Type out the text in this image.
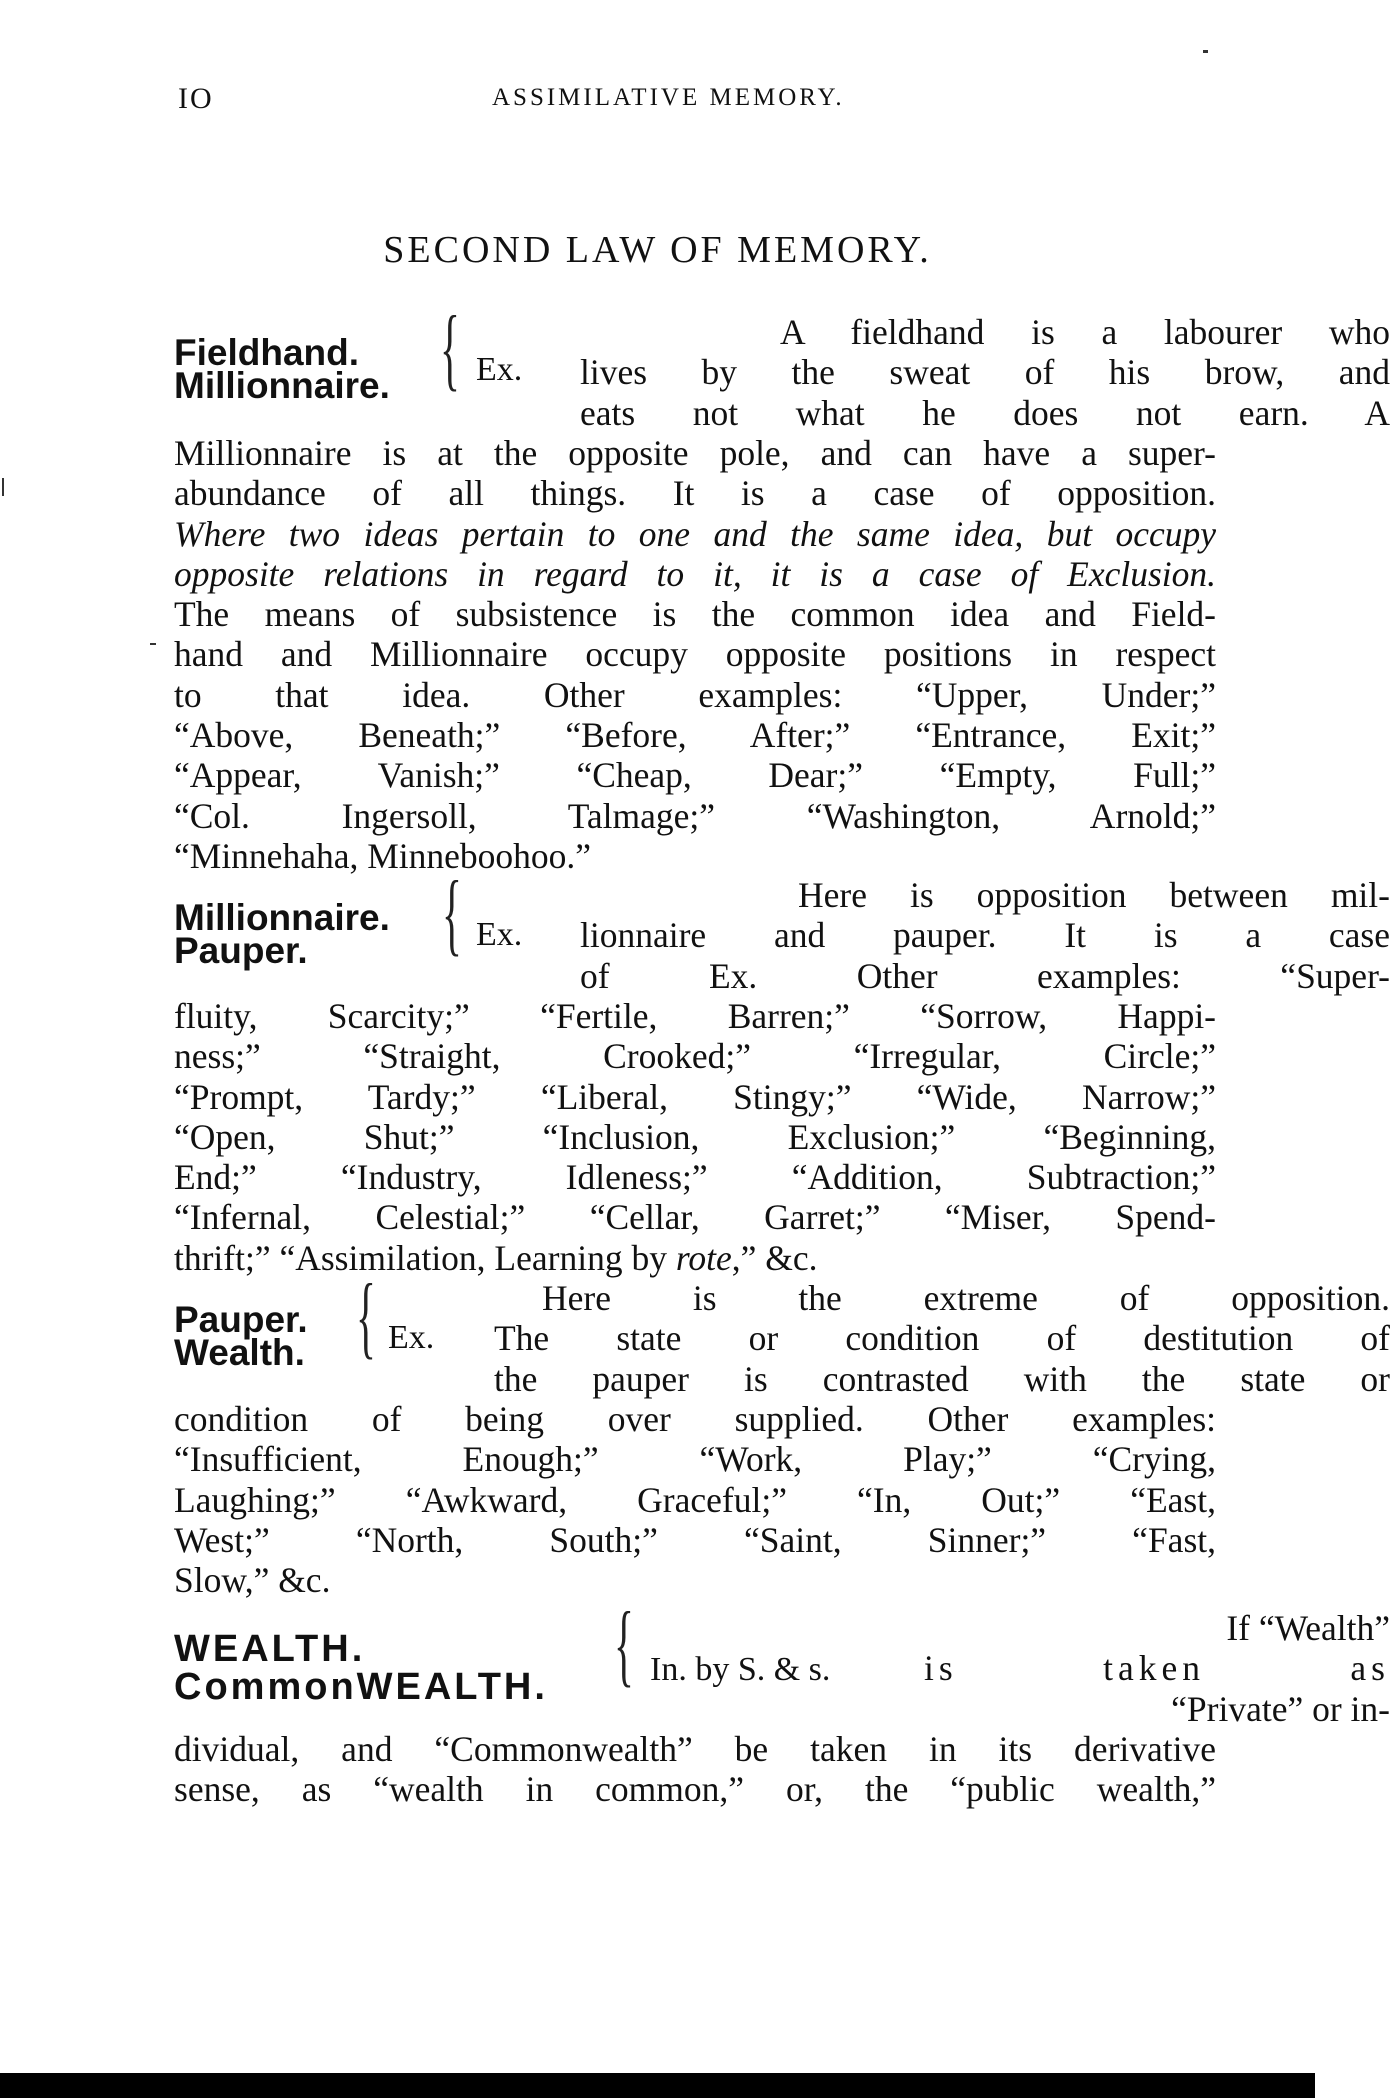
IO	ASSIMILATIVE MEMORY.
SECOND LAW OF MEMORY.
Fieldhand.
Millionnaire. { Ex.
A fieldhand is a labourer who
lives by the sweat of his brow, and
eats not what he does not earn. A
Millionnaire is at the opposite pole, and can have a super-
abundance of all things. It is a case of opposition.
Where two ideas pertain to one and the same idea, but occupy
opposite relations in regard to it, it is a case of Exclusion.
The means of subsistence is the common idea and Field-
hand and Millionnaire occupy opposite positions in respect
to that idea. Other examples: “Upper, Under;”
“Above, Beneath;” “Before, After;” “Entrance, Exit;”
“Appear, Vanish;” “Cheap, Dear;” “Empty, Full;”
“Col. Ingersoll, Talmage;” “Washington, Arnold;”
“Minnehaha, Minneboohoo.”
Millionnaire.
Pauper.	{ Ex.
Here is opposition between mil-
lionnaire and pauper. It is a case
of Ex. Other examples: “Super-
fluity, Scarcity;” “Fertile, Barren;” “Sorrow, Happi-
ness;” “Straight, Crooked;” “Irregular, Circle;”
“Prompt, Tardy;” “Liberal, Stingy;” “Wide, Narrow;”
“Open, Shut;” “Inclusion, Exclusion;” “Beginning,
End;” “Industry, Idleness;” “Addition, Subtraction;”
“Infernal, Celestial;” “Cellar, Garret;” “Miser, Spend-
thrift;” “Assimilation, Learning by rote,” &c.
Pauper.
Wealth. { Ex.
Here is the extreme of opposition.
The state or condition of destitution of
the pauper is contrasted with the state or
condition of being over supplied. Other examples:
“Insufficient, Enough;” “Work, Play;” “Crying,
Laughing;” “Awkward, Graceful;” “In, Out;” “East,
West;” “North, South;” “Saint, Sinner;” “Fast,
Slow,” &c.
WEALTH.
CommonWEALTH. { In. by S. & s.
If “Wealth”
is taken as
“Private” or in-
dividual, and “Commonwealth” be taken in its derivative
sense, as “wealth in common,” or, the “public wealth,”
